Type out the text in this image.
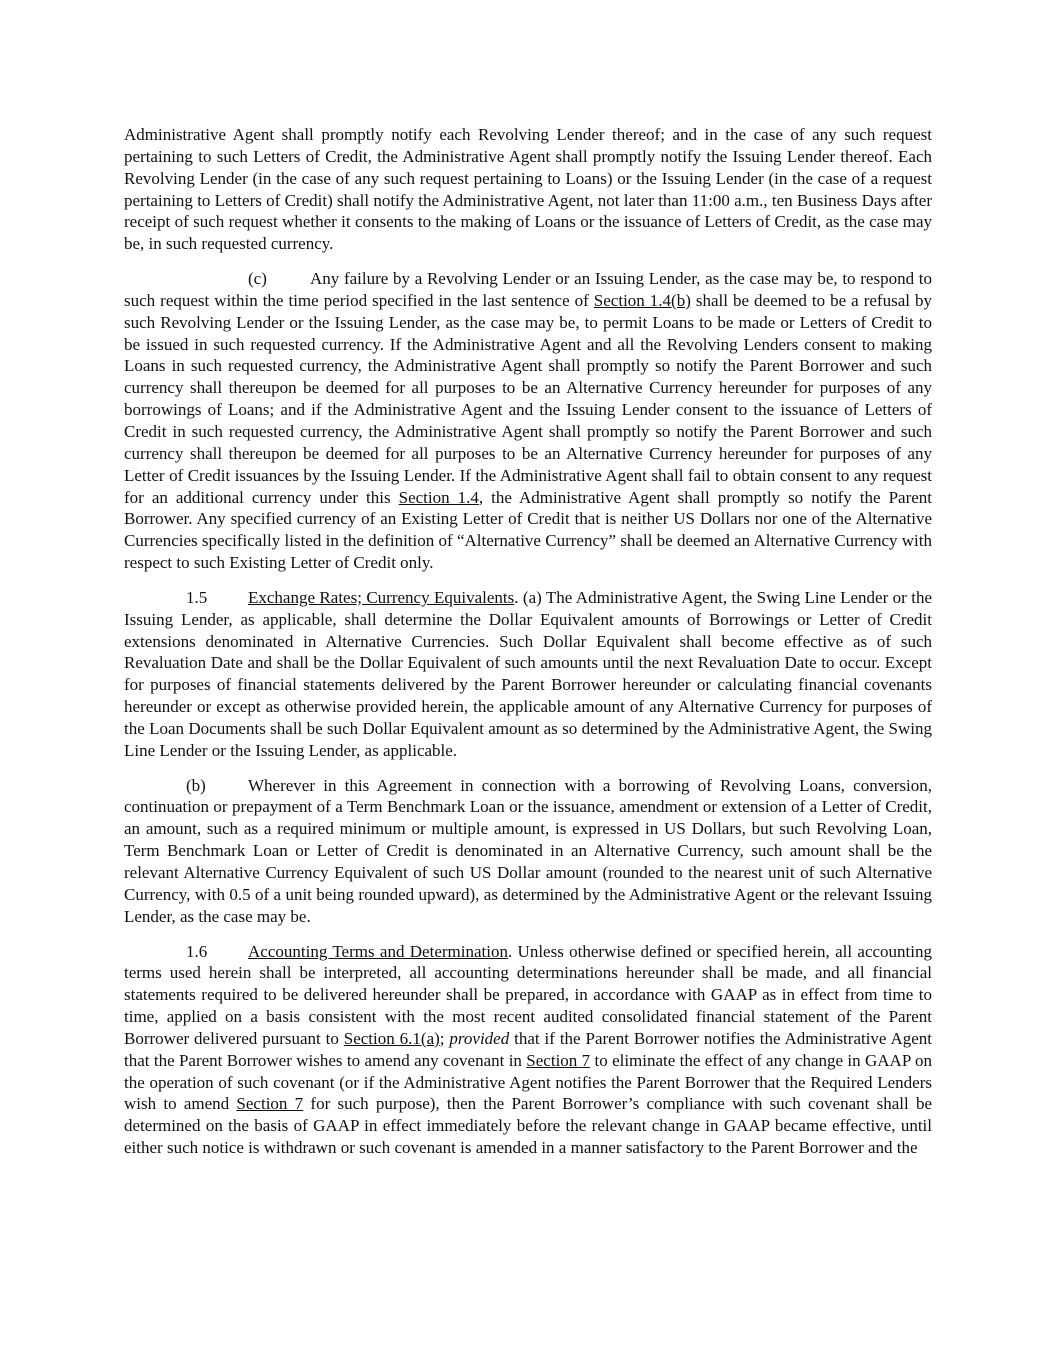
Administrative Agent shall promptly notify each Revolving Lender thereof; and in the case of any such request pertaining to such Letters of Credit, the Administrative Agent shall promptly notify the Issuing Lender thereof. Each Revolving Lender (in the case of any such request pertaining to Loans) or the Issuing Lender (in the case of a request pertaining to Letters of Credit) shall notify the Administrative Agent, not later than 11:00 a.m., ten Business Days after receipt of such request whether it consents to the making of Loans or the issuance of Letters of Credit, as the case may be, in such requested currency.

(c)	Any failure by a Revolving Lender or an Issuing Lender, as the case may be, to respond to such request within the time period specified in the last sentence of Section 1.4(b) shall be deemed to be a refusal by such Revolving Lender or the Issuing Lender, as the case may be, to permit Loans to be made or Letters of Credit to be issued in such requested currency. If the Administrative Agent and all the Revolving Lenders consent to making Loans in such requested currency, the Administrative Agent shall promptly so notify the Parent Borrower and such currency shall thereupon be deemed for all purposes to be an Alternative Currency hereunder for purposes of any borrowings of Loans; and if the Administrative Agent and the Issuing Lender consent to the issuance of Letters of Credit in such requested currency, the Administrative Agent shall promptly so notify the Parent Borrower and such currency shall thereupon be deemed for all purposes to be an Alternative Currency hereunder for purposes of any Letter of Credit issuances by the Issuing Lender. If the Administrative Agent shall fail to obtain consent to any request for an additional currency under this Section 1.4, the Administrative Agent shall promptly so notify the Parent Borrower. Any specified currency of an Existing Letter of Credit that is neither US Dollars nor one of the Alternative Currencies specifically listed in the definition of “Alternative Currency” shall be deemed an Alternative Currency with respect to such Existing Letter of Credit only.

1.5 Exchange Rates; Currency Equivalents. (a) The Administrative Agent, the Swing Line Lender or the Issuing Lender, as applicable, shall determine the Dollar Equivalent amounts of Borrowings or Letter of Credit extensions denominated in Alternative Currencies. Such Dollar Equivalent shall become effective as of such Revaluation Date and shall be the Dollar Equivalent of such amounts until the next Revaluation Date to occur. Except for purposes of financial statements delivered by the Parent Borrower hereunder or calculating financial covenants hereunder or except as otherwise provided herein, the applicable amount of any Alternative Currency for purposes of the Loan Documents shall be such Dollar Equivalent amount as so determined by the Administrative Agent, the Swing Line Lender or the Issuing Lender, as applicable.

(b) Wherever in this Agreement in connection with a borrowing of Revolving Loans, conversion, continuation or prepayment of a Term Benchmark Loan or the issuance, amendment or extension of a Letter of Credit, an amount, such as a required minimum or multiple amount, is expressed in US Dollars, but such Revolving Loan, Term Benchmark Loan or Letter of Credit is denominated in an Alternative Currency, such amount shall be the relevant Alternative Currency Equivalent of such US Dollar amount (rounded to the nearest unit of such Alternative Currency, with 0.5 of a unit being rounded upward), as determined by the Administrative Agent or the relevant Issuing Lender, as the case may be.

1.6 Accounting Terms and Determination. Unless otherwise defined or specified herein, all accounting terms used herein shall be interpreted, all accounting determinations hereunder shall be made, and all financial statements required to be delivered hereunder shall be prepared, in accordance with GAAP as in effect from time to time, applied on a basis consistent with the most recent audited consolidated financial statement of the Parent Borrower delivered pursuant to Section 6.1(a); provided that if the Parent Borrower notifies the Administrative Agent that the Parent Borrower wishes to amend any covenant in Section 7 to eliminate the effect of any change in GAAP on the operation of such covenant (or if the Administrative Agent notifies the Parent Borrower that the Required Lenders wish to amend Section 7 for such purpose), then the Parent Borrower’s compliance with such covenant shall be determined on the basis of GAAP in effect immediately before the relevant change in GAAP became effective, until either such notice is withdrawn or such covenant is amended in a manner satisfactory to the Parent Borrower and the
